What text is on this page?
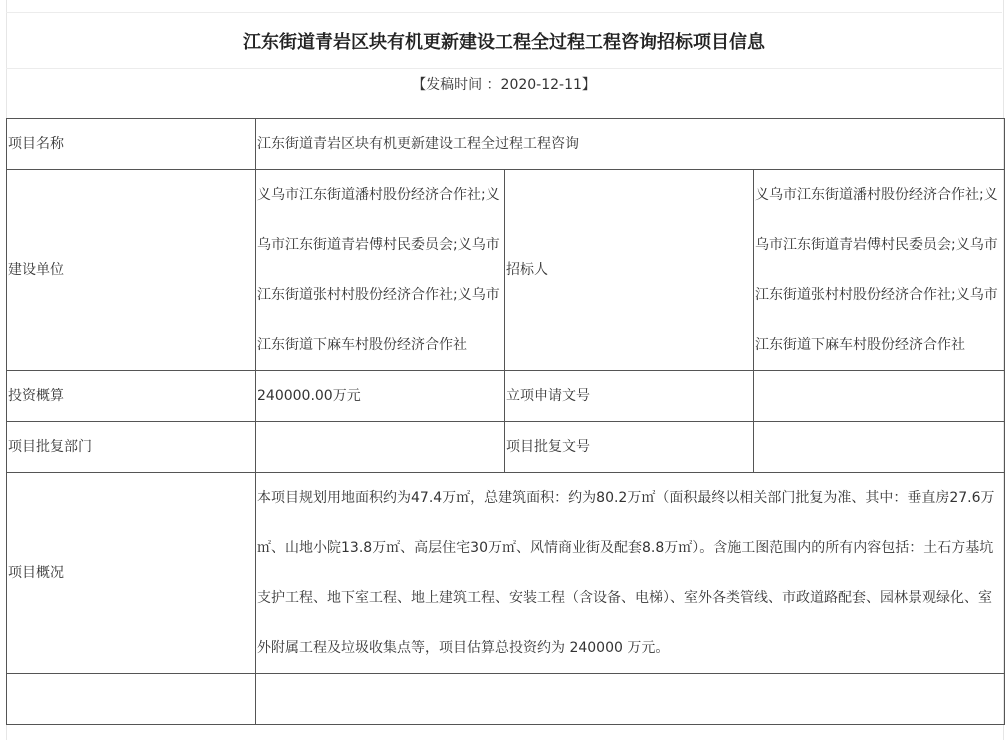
江东街道青岩区块有机更新建设工程全过程工程咨询招标项目信息
【发稿时间 ：2020-12-11】
项目名称	江东街道青岩区块有机更新建设工程全过程工程咨询		

建设单位	义乌市江东街道潘村股份经济合作社;义乌市江东街道青岩傅村民委员会;义乌市江东街道张村村股份经济合作社;义乌市江东街道下麻车村股份经济合作社	招标人	义乌市江东街道潘村股份经济合作社;义乌市江东街道青岩傅村民委员会;义乌市江东街道张村村股份经济合作社;义乌市江东街道下麻车村股份经济合作社

投资概算	240000.00万元	立项申请文号	

项目批复部门		项目批复文号	

项目概况	本项目规划用地面积约为47.4万㎡，总建筑面积：约为80.2万㎡（面积最终以相关部门批复为准、其中：垂直房27.6万㎡、山地小院13.8万㎡、高层住宅30万㎡、风情商业街及配套8.8万㎡）。含施工图范围内的所有内容包括：土石方基坑支护工程、地下室工程、地上建筑工程、安装工程（含设备、电梯）、室外各类管线、市政道路配套、园林景观绿化、室外附属工程及垃圾收集点等，项目估算总投资约为 240000 万元。		
